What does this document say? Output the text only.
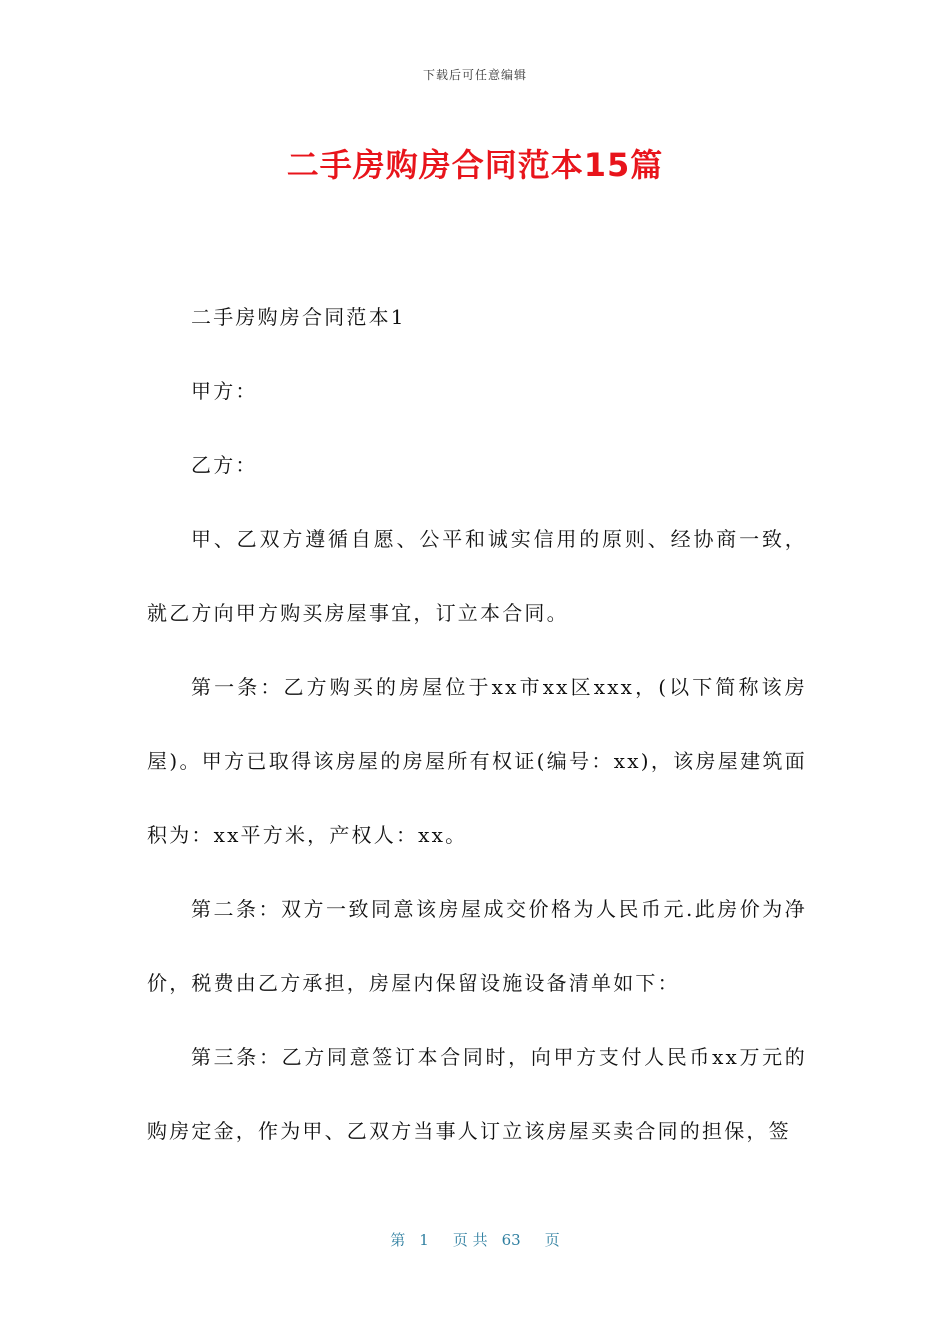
下载后可任意编辑
二手房购房合同范本15篇

二手房购房合同范本1

甲方：

乙方：

甲、乙双方遵循自愿、公平和诚实信用的原则、经协商一致，就乙方向甲方购买房屋事宜，订立本合同。

第一条：乙方购买的房屋位于xx市xx区xxx，(以下简称该房屋)。甲方已取得该房屋的房屋所有权证(编号：xx)，该房屋建筑面积为：xx平方米，产权人：xx。

第二条：双方一致同意该房屋成交价格为人民币元.此房价为净价，税费由乙方承担，房屋内保留设施设备清单如下：

第三条：乙方同意签订本合同时，向甲方支付人民币xx万元的购房定金，作为甲、乙双方当事人订立该房屋买卖合同的担保，签

第 1 页 共 63 页
